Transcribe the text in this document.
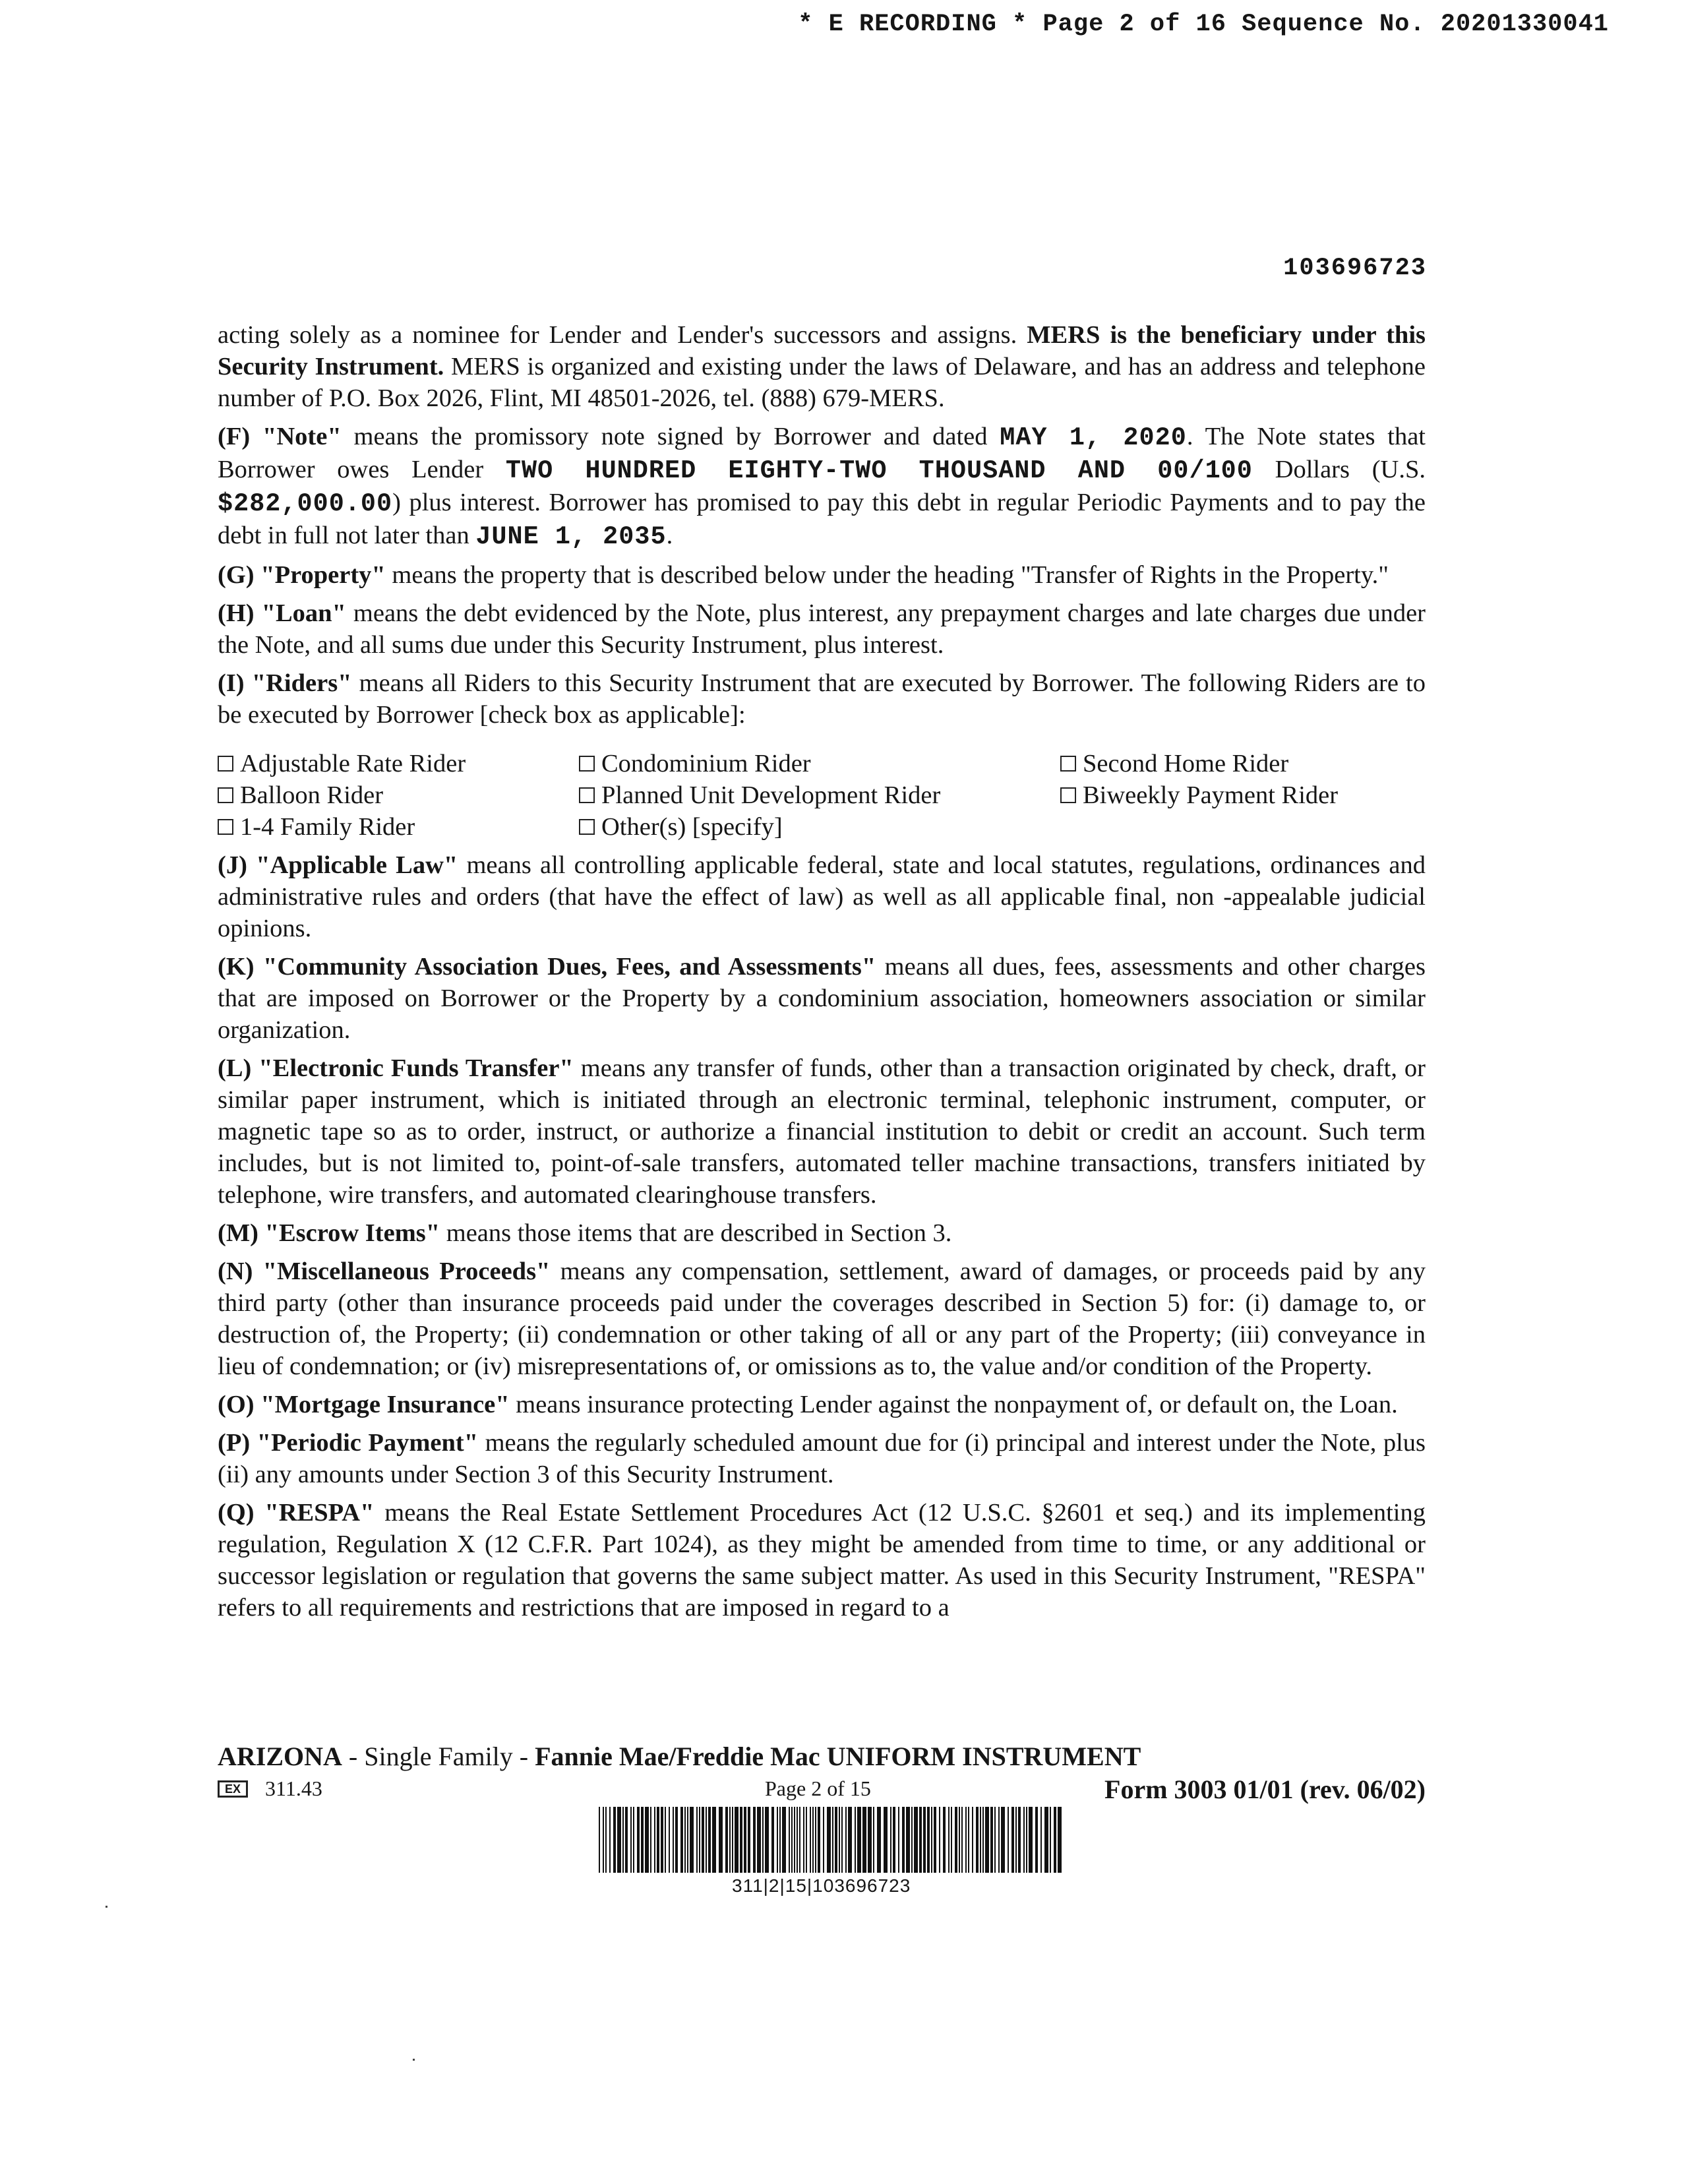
* E RECORDING * Page 2 of 16 Sequence No. 20201330041
103696723

acting solely as a nominee for Lender and Lender's successors and assigns. MERS is the beneficiary under this Security Instrument. MERS is organized and existing under the laws of Delaware, and has an address and telephone number of P.O. Box 2026, Flint, MI 48501-2026, tel. (888) 679-MERS.

(F) "Note" means the promissory note signed by Borrower and dated MAY 1, 2020. The Note states that Borrower owes Lender TWO HUNDRED EIGHTY-TWO THOUSAND AND 00/100 Dollars (U.S. $282,000.00) plus interest. Borrower has promised to pay this debt in regular Periodic Payments and to pay the debt in full not later than JUNE 1, 2035.

(G) "Property" means the property that is described below under the heading "Transfer of Rights in the Property."

(H) "Loan" means the debt evidenced by the Note, plus interest, any prepayment charges and late charges due under the Note, and all sums due under this Security Instrument, plus interest.

(I) "Riders" means all Riders to this Security Instrument that are executed by Borrower. The following Riders are to be executed by Borrower [check box as applicable]:

Adjustable Rate Rider	Condominium Rider	Second Home Rider
Balloon Rider	Planned Unit Development Rider	Biweekly Payment Rider
1-4 Family Rider	Other(s) [specify]

(J) "Applicable Law" means all controlling applicable federal, state and local statutes, regulations, ordinances and administrative rules and orders (that have the effect of law) as well as all applicable final, non -appealable judicial opinions.

(K) "Community Association Dues, Fees, and Assessments" means all dues, fees, assessments and other charges that are imposed on Borrower or the Property by a condominium association, homeowners association or similar organization.

(L) "Electronic Funds Transfer" means any transfer of funds, other than a transaction originated by check, draft, or similar paper instrument, which is initiated through an electronic terminal, telephonic instrument, computer, or magnetic tape so as to order, instruct, or authorize a financial institution to debit or credit an account. Such term includes, but is not limited to, point-of-sale transfers, automated teller machine transactions, transfers initiated by telephone, wire transfers, and automated clearinghouse transfers.

(M) "Escrow Items" means those items that are described in Section 3.

(N) "Miscellaneous Proceeds" means any compensation, settlement, award of damages, or proceeds paid by any third party (other than insurance proceeds paid under the coverages described in Section 5) for: (i) damage to, or destruction of, the Property; (ii) condemnation or other taking of all or any part of the Property; (iii) conveyance in lieu of condemnation; or (iv) misrepresentations of, or omissions as to, the value and/or condition of the Property.

(O) "Mortgage Insurance" means insurance protecting Lender against the nonpayment of, or default on, the Loan.

(P) "Periodic Payment" means the regularly scheduled amount due for (i) principal and interest under the Note, plus (ii) any amounts under Section 3 of this Security Instrument.

(Q) "RESPA" means the Real Estate Settlement Procedures Act (12 U.S.C. §2601 et seq.) and its implementing regulation, Regulation X (12 C.F.R. Part 1024), as they might be amended from time to time, or any additional or successor legislation or regulation that governs the same subject matter. As used in this Security Instrument, "RESPA" refers to all requirements and restrictions that are imposed in regard to a

ARIZONA - Single Family - Fannie Mae/Freddie Mac UNIFORM INSTRUMENT
EX	311.43	Page 2 of 15	Form 3003 01/01 (rev. 06/02)
311|2|15|103696723
